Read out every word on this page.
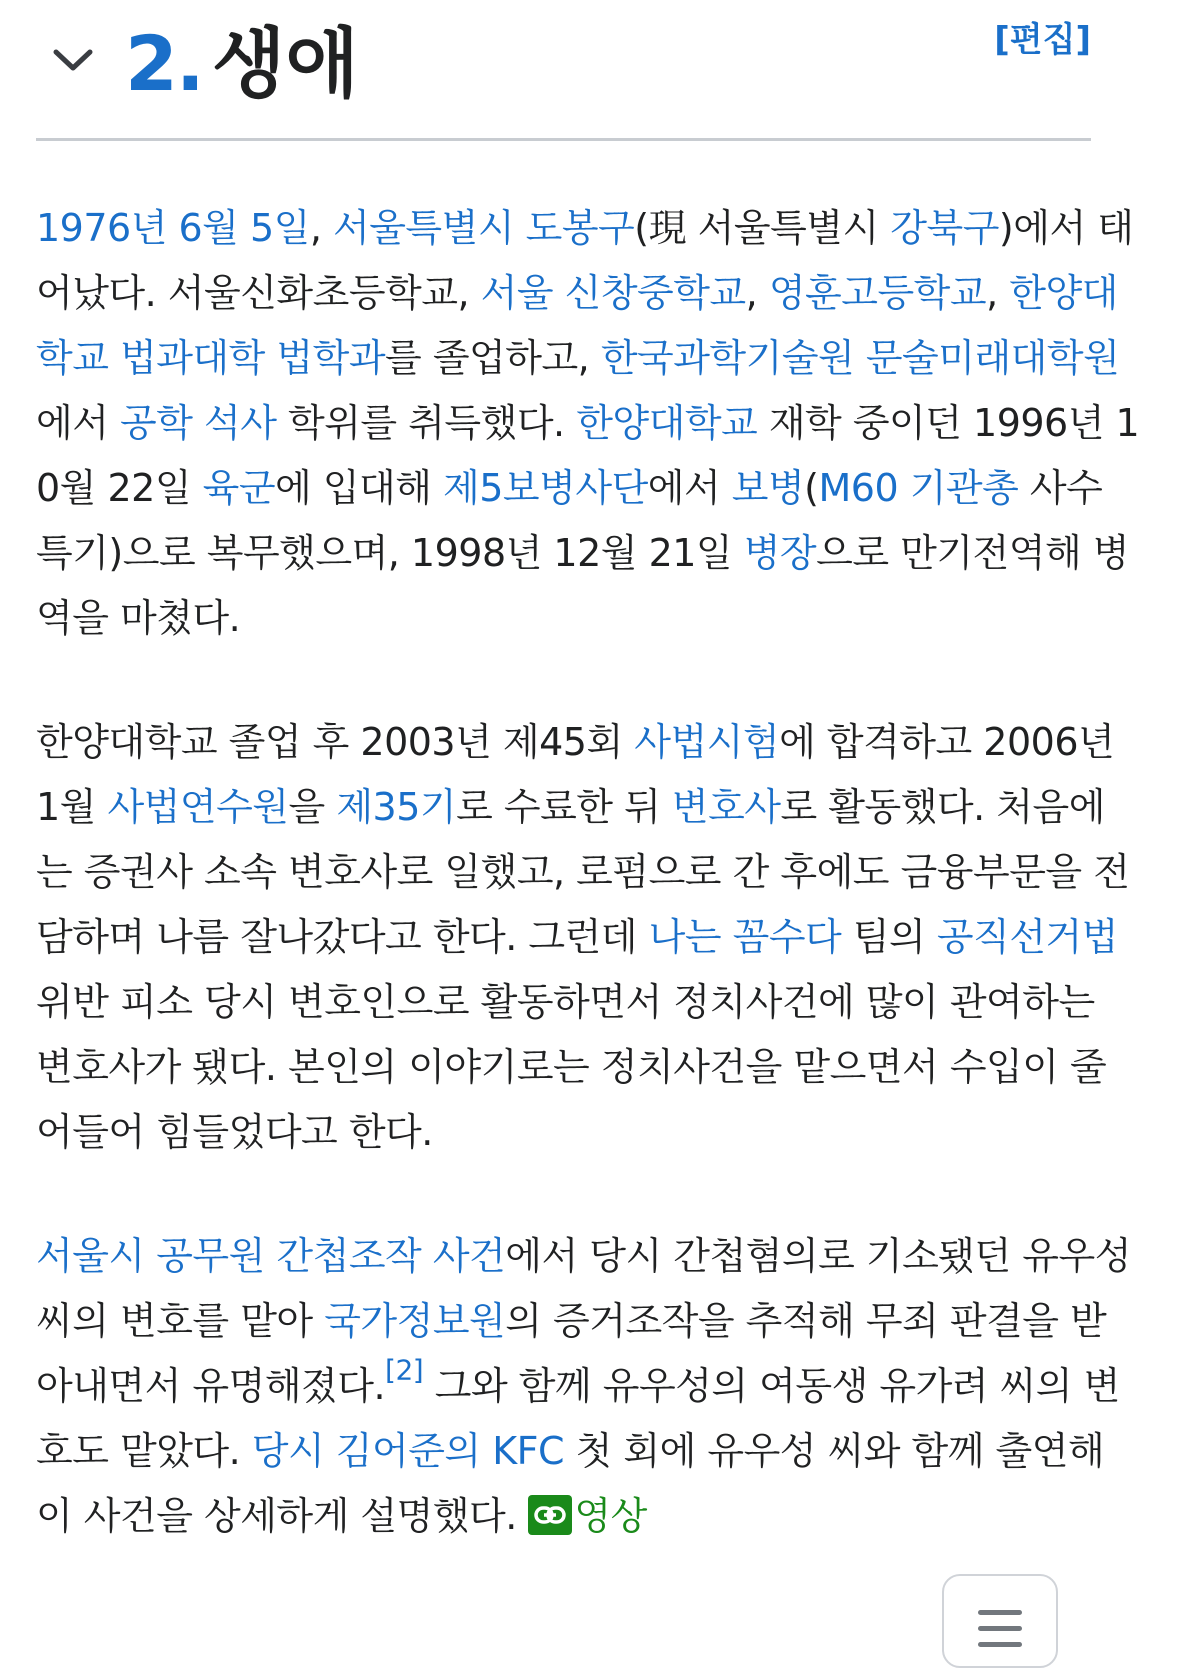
2. 생애	[편집]

1976년 6월 5일, 서울특별시 도봉구(現 서울특별시 강북구)에서 태어났다. 서울신화초등학교, 서울 신창중학교, 영훈고등학교, 한양대학교 법과대학 법학과를 졸업하고, 한국과학기술원 문술미래대학원에서 공학 석사 학위를 취득했다. 한양대학교 재학 중이던 1996년 10월 22일 육군에 입대해 제5보병사단에서 보병(M60 기관총 사수 특기)으로 복무했으며, 1998년 12월 21일 병장으로 만기전역해 병역을 마쳤다.

한양대학교 졸업 후 2003년 제45회 사법시험에 합격하고 2006년 1월 사법연수원을 제35기로 수료한 뒤 변호사로 활동했다. 처음에는 증권사 소속 변호사로 일했고, 로펌으로 간 후에도 금융부문을 전담하며 나름 잘나갔다고 한다. 그런데 나는 꼼수다 팀의 공직선거법 위반 피소 당시 변호인으로 활동하면서 정치사건에 많이 관여하는 변호사가 됐다. 본인의 이야기로는 정치사건을 맡으면서 수입이 줄어들어 힘들었다고 한다.

서울시 공무원 간첩조작 사건에서 당시 간첩혐의로 기소됐던 유우성 씨의 변호를 맡아 국가정보원의 증거조작을 추적해 무죄 판결을 받아내면서 유명해졌다.[2] 그와 함께 유우성의 여동생 유가려 씨의 변호도 맡았다. 당시 김어준의 KFC 첫 회에 유우성 씨와 함께 출연해 이 사건을 상세하게 설명했다.
영상
